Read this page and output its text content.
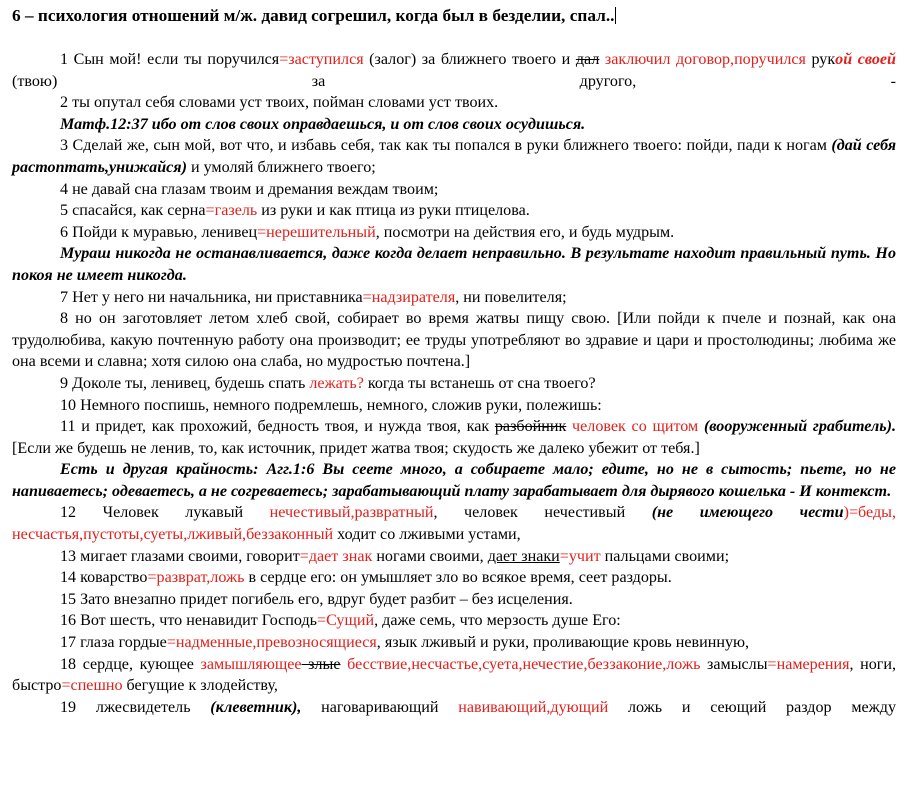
6 – психология отношений м/ж. давид согрешил, когда был в безделии, спал..

1 Сын мой! если ты поручился=заступился (залог) за ближнего твоего и дал заключил договор,поручился рукой своей (твою) за другого, -

2 ты опутал себя словами уст твоих, пойман словами уст твоих.

Матф.12:37 ибо от слов своих оправдаешься, и от слов своих осудишься.

3 Сделай же, сын мой, вот что, и избавь себя, так как ты попался в руки ближнего твоего: пойди, пади к ногам (дай себя растоптать,унижайся) и умоляй ближнего твоего;

4 не давай сна глазам твоим и дремания веждам твоим;

5 спасайся, как серна=газель из руки и как птица из руки птицелова.

6 Пойди к муравью, ленивец=нерешительный, посмотри на действия его, и будь мудрым.

Мураш никогда не останавливается, даже когда делает неправильно. В результате находит правильный путь. Но покоя не имеет никогда.

7 Нет у него ни начальника, ни приставника=надзирателя, ни повелителя;

8 но он заготовляет летом хлеб свой, собирает во время жатвы пищу свою. [Или пойди к пчеле и познай, как она трудолюбива, какую почтенную работу она производит; ее труды употребляют во здравие и цари и простолюдины; любима же она всеми и славна; хотя силою она слаба, но мудростью почтена.]

9 Доколе ты, ленивец, будешь спать лежать? когда ты встанешь от сна твоего?

10 Немного поспишь, немного подремлешь, немного, сложив руки, полежишь:

11 и придет, как прохожий, бедность твоя, и нужда твоя, как разбойник человек со щитом (вооруженный грабитель). [Если же будешь не ленив, то, как источник, придет жатва твоя; скудость же далеко убежит от тебя.]

Есть и другая крайность: Агг.1:6 Вы сеете много, а собираете мало; едите, но не в сытость; пьете, но не напиваетесь; одеваетесь, а не согреваетесь; зарабатывающий плату зарабатывает для дырявого кошелька - И контекст.

12 Человек лукавый нечестивый,развратный, человек нечестивый (не имеющего чести)=беды, несчастья,пустоты,суеты,лживый,беззаконный ходит со лживыми устами,

13 мигает глазами своими, говорит=дает знак ногами своими, дает знаки=учит пальцами своими;

14 коварство=разврат,ложь в сердце его: он умышляет зло во всякое время, сеет раздоры.

15 Зато внезапно придет погибель его, вдруг будет разбит – без исцеления.

16 Вот шесть, что ненавидит Господь=Сущий, даже семь, что мерзость душе Его:

17 глаза гордые=надменные,превозносящиеся, язык лживый и руки, проливающие кровь невинную,

18 сердце, кующее замышляющее злые бесствие,несчастье,суета,нечестие,беззаконие,ложь замыслы=намерения, ноги, быстро=спешно бегущие к злодейству,

19 лжесвидетель (клеветник), наговаривающий навивающий,дующий ложь и сеющий раздор между
